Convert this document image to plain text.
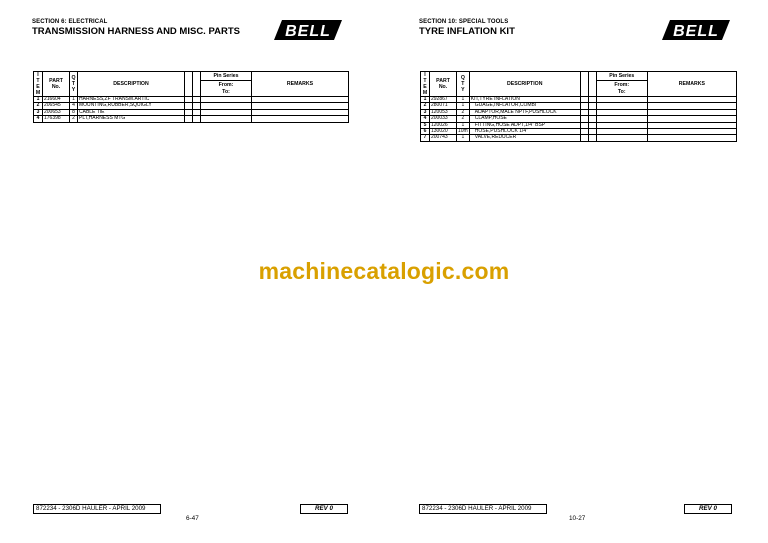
SECTION 6: ELECTRICAL
TRANSMISSION HARNESS AND MISC. PARTS	BELL
I
T
E
M	PART
No.	Q
T
Y	DESCRIPTION			Pin Series	REMARKS
						From:	
						To:	
1	216604	1	HARNESS,ZF TRANSM.ARTIC				
2	206545	4	MOUNTING,RUBBER,SQUIGLY				
3	200653	8	CABLE TIE				
4	176398	2	PLT,HARNESS MTG				
872234 - 2306D HAULER - APRIL 2009	REV 0
6-47
SECTION 10: SPECIAL TOOLS
TYRE INFLATION KIT	BELL
I
T
E
M	PART
No.	Q
T
Y	DESCRIPTION			Pin Series	REMARKS
						From:	
						To:	
1	292867	1	KIT,TYRE INFLATION				
2	280071	1	GUAGE,INFLATOR,COMBI				
3	120053	2	ADAPTOR,MALE NPTF,PUSHLOCK				
4	200033	2	CLAMP,HOSE				
5	120026	1	FITTING,HOSE ADPT,1/4" BSP				
6	130020	10m	HOSE,PUSHLOCK 1/4"				
7	200743	1	VALVE,REDUCER				
872234 - 2306D HAULER - APRIL 2009	REV 0
10-27
machinecatalogic.com
